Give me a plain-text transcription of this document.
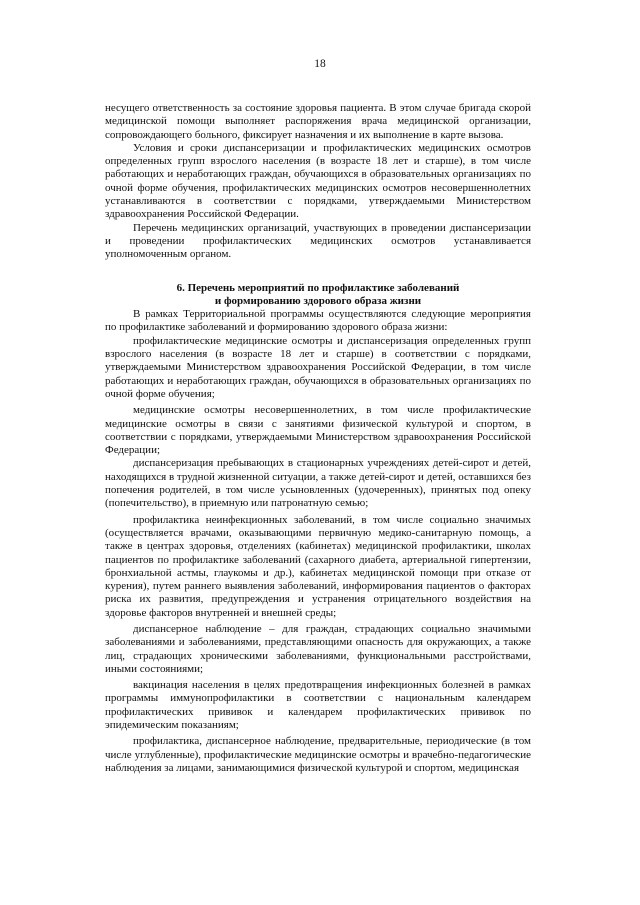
18

несущего ответственность за состояние здоровья пациента. В этом случае бригада скорой медицинской помощи выполняет распоряжения врача медицинской организации, сопровождающего больного, фиксирует назначения и их выполнение в карте вызова.

Условия и сроки диспансеризации и профилактических медицинских осмотров определенных групп взрослого населения (в возрасте 18 лет и старше), в том числе работающих и неработающих граждан, обучающихся в образовательных организациях по очной форме обучения, профилактических медицинских осмотров несовершеннолетних устанавливаются в соответствии с порядками, утверждаемыми Министерством здравоохранения Российской Федерации.

Перечень медицинских организаций, участвующих в проведении диспансеризации и проведении профилактических медицинских осмотров устанавливается уполномоченным органом.

6. Перечень мероприятий по профилактике заболеваний
и формированию здорового образа жизни

В рамках Территориальной программы осуществляются следующие мероприятия по профилактике заболеваний и формированию здорового образа жизни:

профилактические медицинские осмотры и диспансеризация определенных групп взрослого населения (в возрасте 18 лет и старше) в соответствии с порядками, утверждаемыми Министерством здравоохранения Российской Федерации, в том числе работающих и неработающих граждан, обучающихся в образовательных организациях по очной форме обучения;

медицинские осмотры несовершеннолетних, в том числе профилактические медицинские осмотры в связи с занятиями физической культурой и спортом, в соответствии с порядками, утверждаемыми Министерством здравоохранения Российской Федерации;

диспансеризация пребывающих в стационарных учреждениях детей-сирот и детей, находящихся в трудной жизненной ситуации, а также детей-сирот и детей, оставшихся без попечения родителей, в том числе усыновленных (удочеренных), принятых под опеку (попечительство), в приемную или патронатную семью;

профилактика неинфекционных заболеваний, в том числе социально значимых (осуществляется врачами, оказывающими первичную медико-санитарную помощь, а также в центрах здоровья, отделениях (кабинетах) медицинской профилактики, школах пациентов по профилактике заболеваний (сахарного диабета, артериальной гипертензии, бронхиальной астмы, глаукомы и др.), кабинетах медицинской помощи при отказе от курения), путем раннего выявления заболеваний, информирования пациентов о факторах риска их развития, предупреждения и устранения отрицательного воздействия на здоровье факторов внутренней и внешней среды;

диспансерное наблюдение – для граждан, страдающих социально значимыми заболеваниями и заболеваниями, представляющими опасность для окружающих, а также лиц, страдающих хроническими заболеваниями, функциональными расстройствами, иными состояниями;

вакцинация населения в целях предотвращения инфекционных болезней в рамках программы иммунопрофилактики в соответствии с национальным календарем профилактических прививок и календарем профилактических прививок по эпидемическим показаниям;

профилактика, диспансерное наблюдение, предварительные, периодические (в том числе углубленные), профилактические медицинские осмотры и врачебно-педагогические наблюдения за лицами, занимающимися физической культурой и спортом, медицинская
